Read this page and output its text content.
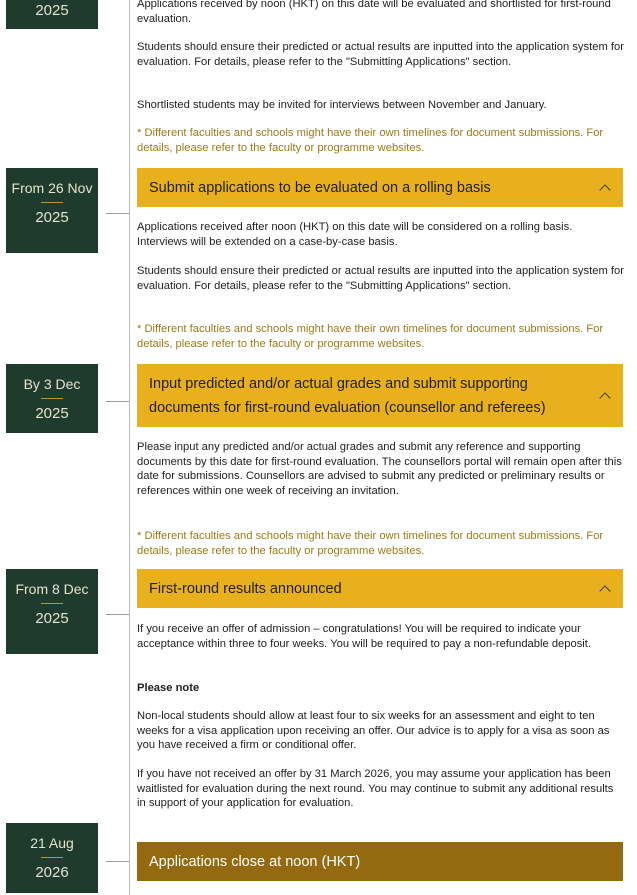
2025	Applications received by noon (HKT) on this date will be evaluated and shortlisted for first-round evaluation.
Students should ensure their predicted or actual results are inputted into the application system for evaluation. For details, please refer to the "Submitting Applications" section.
Shortlisted students may be invited for interviews between November and January.
* Different faculties and schools might have their own timelines for document submissions. For details, please refer to the faculty or programme websites.
From 26 Nov
2025
Submit applications to be evaluated on a rolling basis
Applications received after noon (HKT) on this date will be considered on a rolling basis. Interviews will be extended on a case-by-case basis.
Students should ensure their predicted or actual results are inputted into the application system for evaluation. For details, please refer to the "Submitting Applications" section.
* Different faculties and schools might have their own timelines for document submissions. For details, please refer to the faculty or programme websites.
By 3 Dec
2025
Input predicted and/or actual grades and submit supporting documents for first-round evaluation (counsellor and referees)
Please input any predicted and/or actual grades and submit any reference and supporting documents by this date for first-round evaluation. The counsellors portal will remain open after this date for submissions. Counsellors are advised to submit any predicted or preliminary results or references within one week of receiving an invitation.
* Different faculties and schools might have their own timelines for document submissions. For details, please refer to the faculty or programme websites.
From 8 Dec
2025
First-round results announced
If you receive an offer of admission – congratulations! You will be required to indicate your acceptance within three to four weeks. You will be required to pay a non-refundable deposit.
Please note
Non-local students should allow at least four to six weeks for an assessment and eight to ten weeks for a visa application upon receiving an offer. Our advice is to apply for a visa as soon as you have received a firm or conditional offer.
If you have not received an offer by 31 March 2026, you may assume your application has been waitlisted for evaluation during the next round. You may continue to submit any additional results in support of your application for evaluation.
21 Aug
2026
Applications close at noon (HKT)
